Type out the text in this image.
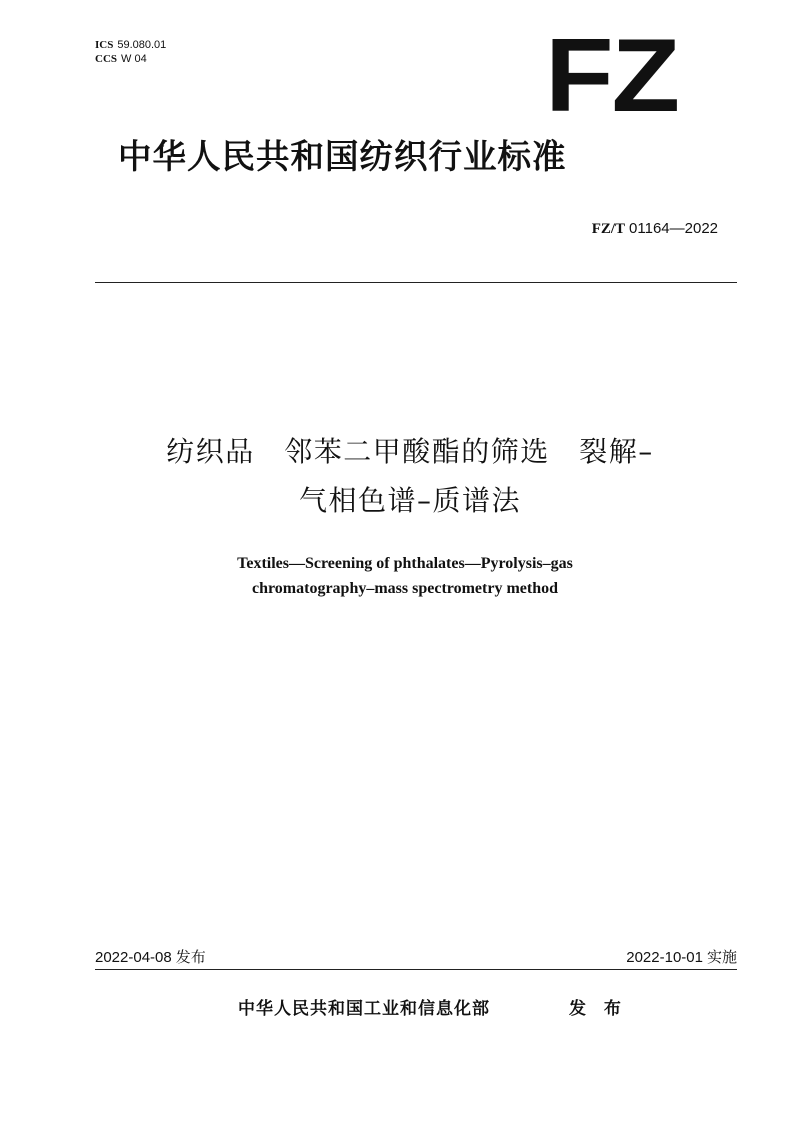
ICS 59.080.01
CCS W 04	FZ
中华人民共和国纺织行业标准
FZ/T 01164—2022
纺织品　邻苯二甲酸酯的筛选　裂解–
气相色谱–质谱法
Textiles—Screening of phthalates—Pyrolysis–gas
chromatography–mass spectrometry method
2022-04-08 发布	2022-10-01 实施
中华人民共和国工业和信息化部	发 布
